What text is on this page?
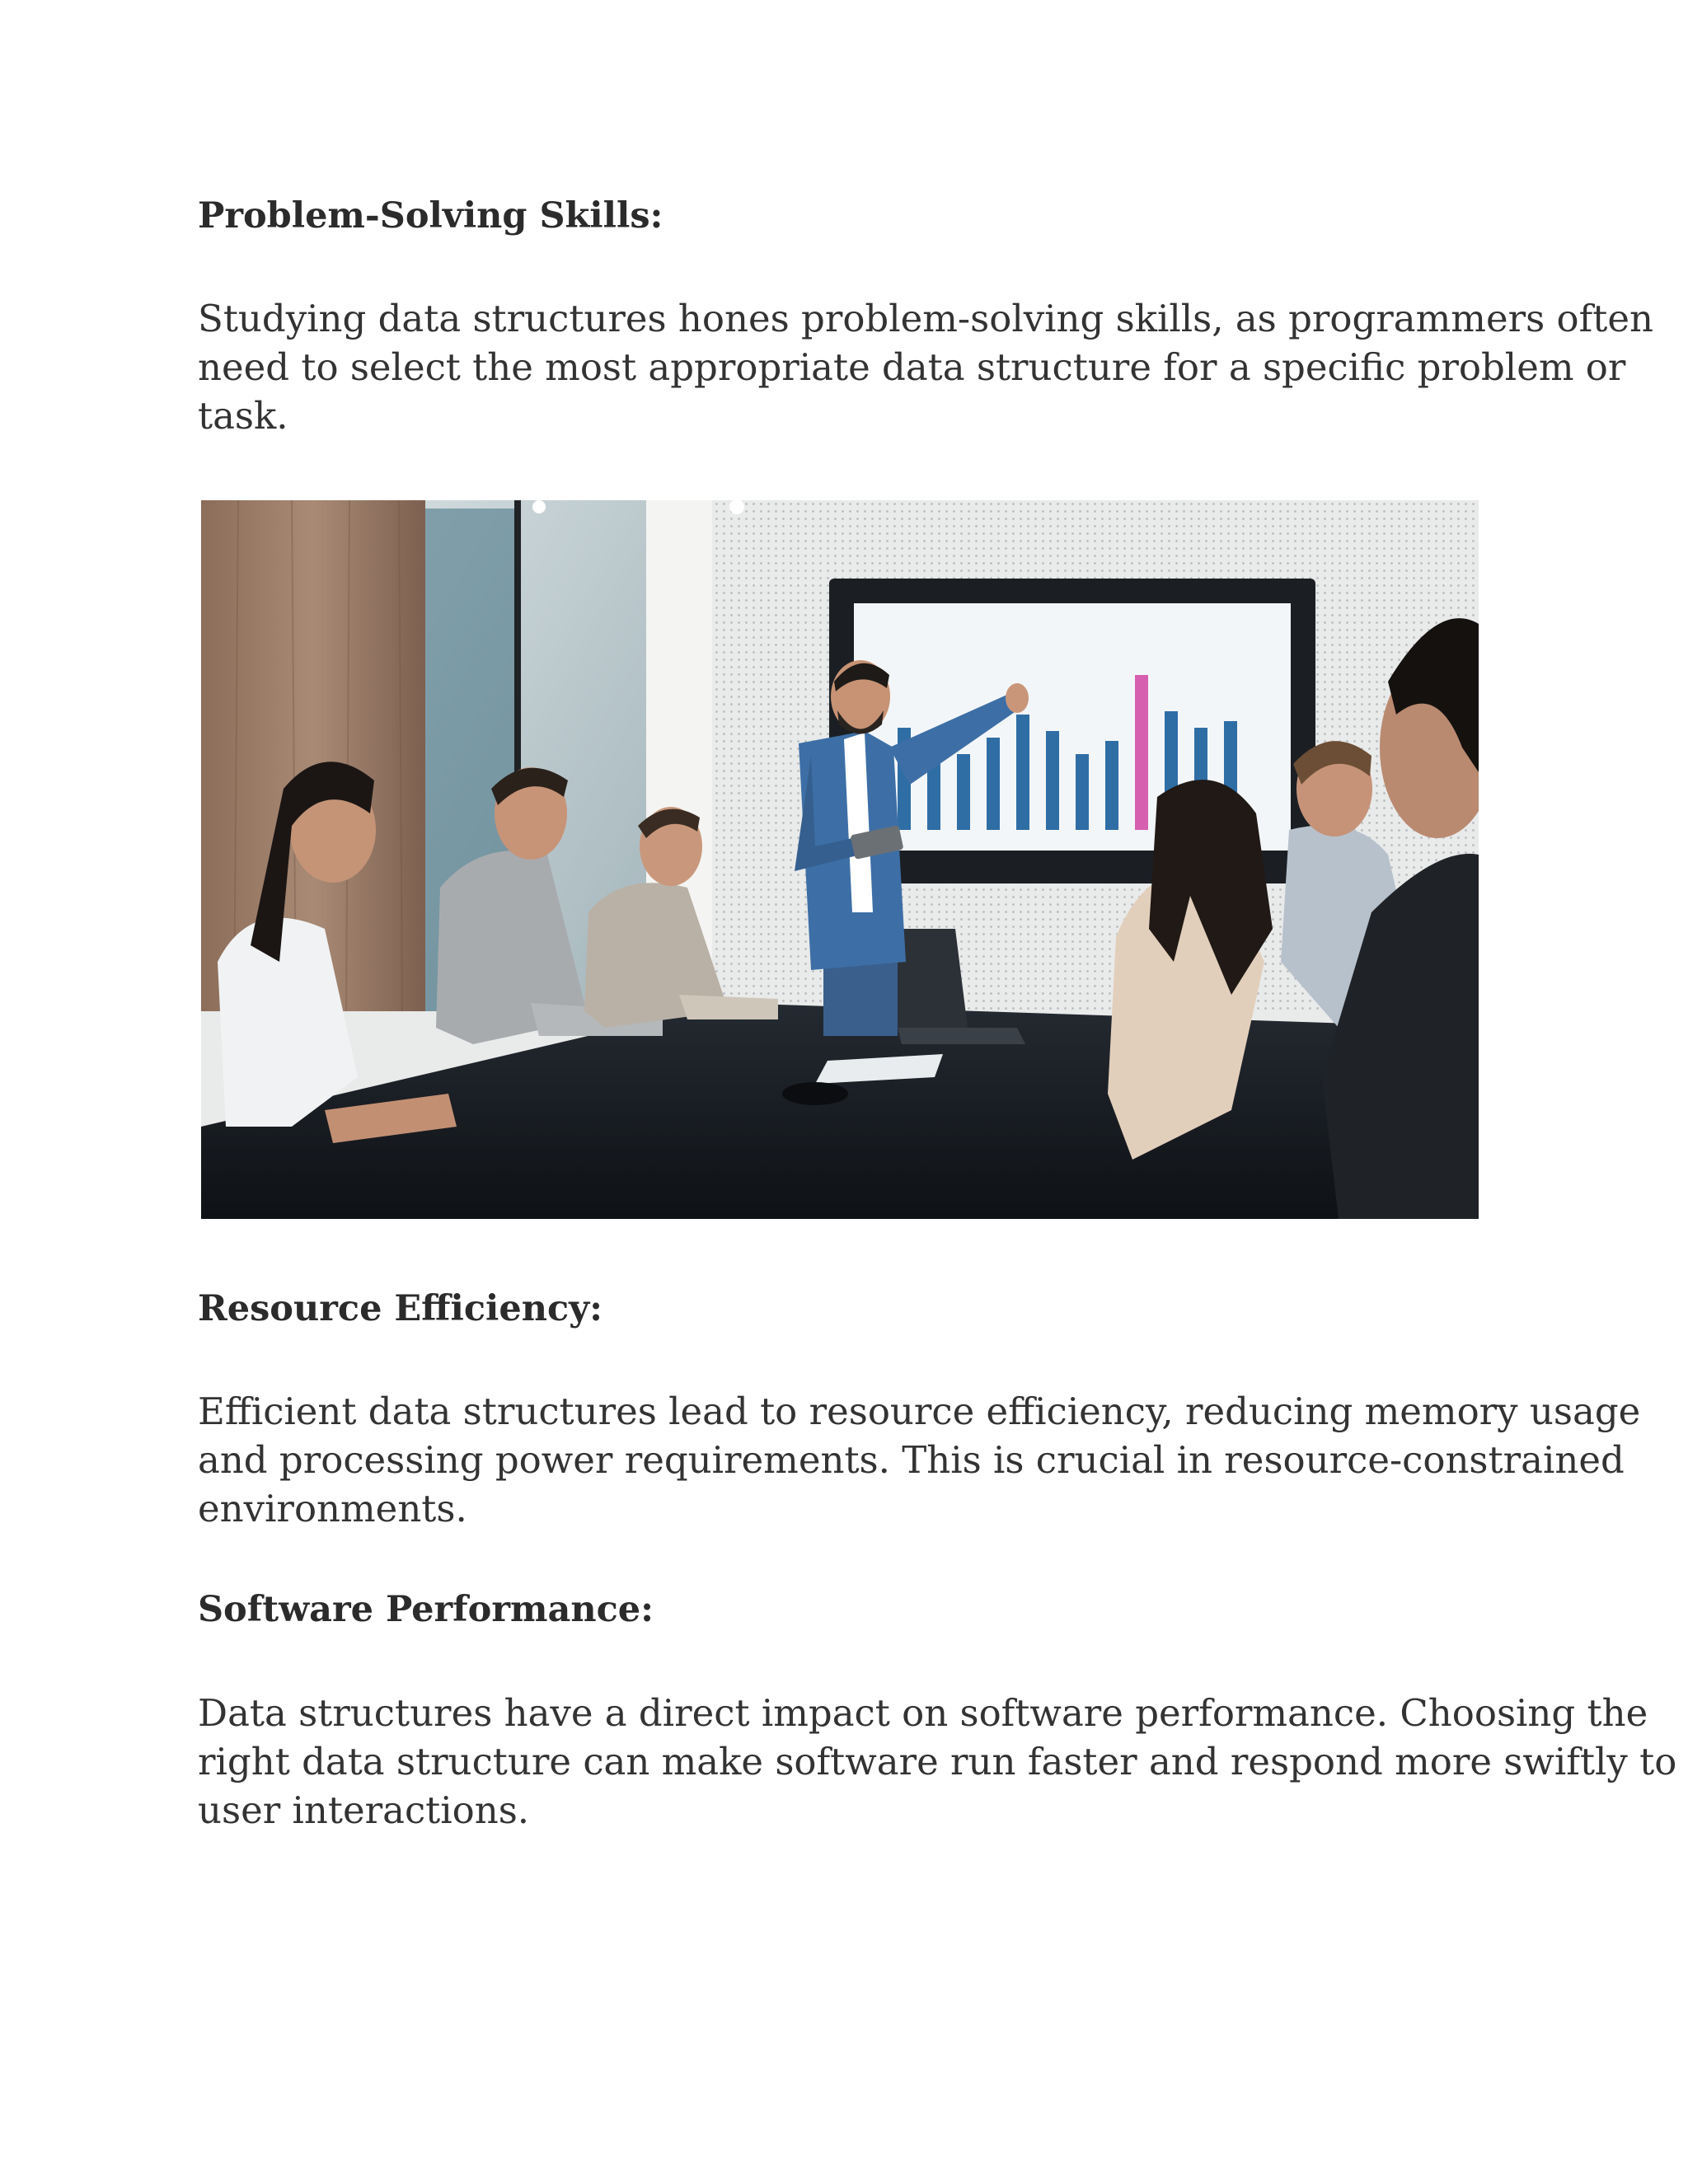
Problem-Solving Skills:

Studying data structures hones problem-solving skills, as programmers often
need to select the most appropriate data structure for a specific problem or
task.

Resource Efficiency:

Efficient data structures lead to resource efficiency, reducing memory usage
and processing power requirements. This is crucial in resource-constrained
environments.

Software Performance:

Data structures have a direct impact on software performance. Choosing the
right data structure can make software run faster and respond more swiftly to
user interactions.
